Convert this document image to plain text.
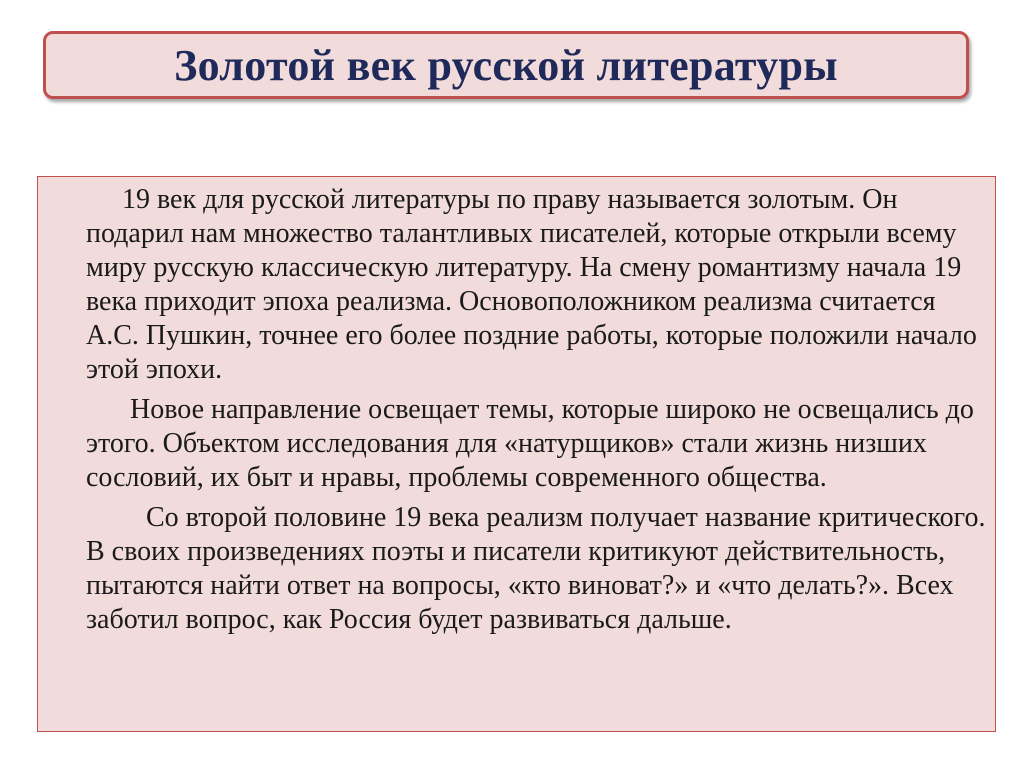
Золотой век русской литературы

19 век для русской литературы по праву называется золотым. Он подарил нам множество талантливых писателей, которые открыли всему миру русскую классическую литературу. На смену романтизму начала 19 века приходит эпоха реализма. Основоположником реализма считается А.С. Пушкин, точнее его более поздние работы, которые положили начало этой эпохи.

Новое направление освещает темы, которые широко не освещались до этого. Объектом исследования для «натурщиков» стали жизнь низших сословий, их быт и нравы, проблемы современного общества.

Со второй половине 19 века реализм получает название критического. В своих произведениях поэты и писатели критикуют действительность, пытаются найти ответ на вопросы, «кто виноват?» и «что делать?». Всех заботил вопрос, как Россия будет развиваться дальше.
